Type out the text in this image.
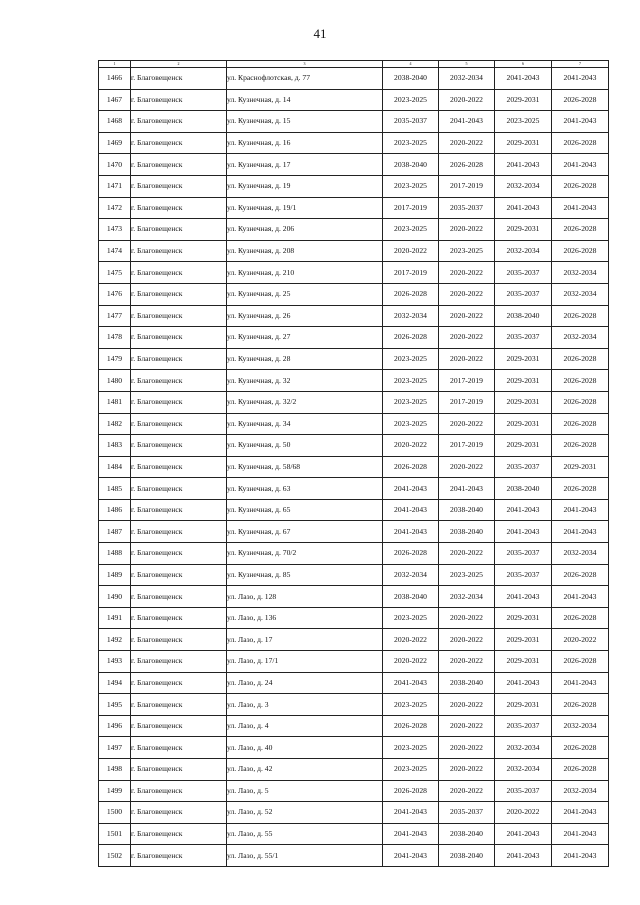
41
1	2	3	4	5	6	7
1466	г. Благовещенск	ул. Краснофлотская, д. 77	2038-2040	2032-2034	2041-2043	2041-2043
1467	г. Благовещенск	ул. Кузнечная, д. 14	2023-2025	2020-2022	2029-2031	2026-2028
1468	г. Благовещенск	ул. Кузнечная, д. 15	2035-2037	2041-2043	2023-2025	2041-2043
1469	г. Благовещенск	ул. Кузнечная, д. 16	2023-2025	2020-2022	2029-2031	2026-2028
1470	г. Благовещенск	ул. Кузнечная, д. 17	2038-2040	2026-2028	2041-2043	2041-2043
1471	г. Благовещенск	ул. Кузнечная, д. 19	2023-2025	2017-2019	2032-2034	2026-2028
1472	г. Благовещенск	ул. Кузнечная, д. 19/1	2017-2019	2035-2037	2041-2043	2041-2043
1473	г. Благовещенск	ул. Кузнечная, д. 206	2023-2025	2020-2022	2029-2031	2026-2028
1474	г. Благовещенск	ул. Кузнечная, д. 208	2020-2022	2023-2025	2032-2034	2026-2028
1475	г. Благовещенск	ул. Кузнечная, д. 210	2017-2019	2020-2022	2035-2037	2032-2034
1476	г. Благовещенск	ул. Кузнечная, д. 25	2026-2028	2020-2022	2035-2037	2032-2034
1477	г. Благовещенск	ул. Кузнечная, д. 26	2032-2034	2020-2022	2038-2040	2026-2028
1478	г. Благовещенск	ул. Кузнечная, д. 27	2026-2028	2020-2022	2035-2037	2032-2034
1479	г. Благовещенск	ул. Кузнечная, д. 28	2023-2025	2020-2022	2029-2031	2026-2028
1480	г. Благовещенск	ул. Кузнечная, д. 32	2023-2025	2017-2019	2029-2031	2026-2028
1481	г. Благовещенск	ул. Кузнечная, д. 32/2	2023-2025	2017-2019	2029-2031	2026-2028
1482	г. Благовещенск	ул. Кузнечная, д. 34	2023-2025	2020-2022	2029-2031	2026-2028
1483	г. Благовещенск	ул. Кузнечная, д. 50	2020-2022	2017-2019	2029-2031	2026-2028
1484	г. Благовещенск	ул. Кузнечная, д. 58/68	2026-2028	2020-2022	2035-2037	2029-2031
1485	г. Благовещенск	ул. Кузнечная, д. 63	2041-2043	2041-2043	2038-2040	2026-2028
1486	г. Благовещенск	ул. Кузнечная, д. 65	2041-2043	2038-2040	2041-2043	2041-2043
1487	г. Благовещенск	ул. Кузнечная, д. 67	2041-2043	2038-2040	2041-2043	2041-2043
1488	г. Благовещенск	ул. Кузнечная, д. 70/2	2026-2028	2020-2022	2035-2037	2032-2034
1489	г. Благовещенск	ул. Кузнечная, д. 85	2032-2034	2023-2025	2035-2037	2026-2028
1490	г. Благовещенск	ул. Лазо, д. 128	2038-2040	2032-2034	2041-2043	2041-2043
1491	г. Благовещенск	ул. Лазо, д. 136	2023-2025	2020-2022	2029-2031	2026-2028
1492	г. Благовещенск	ул. Лазо, д. 17	2020-2022	2020-2022	2029-2031	2020-2022
1493	г. Благовещенск	ул. Лазо, д. 17/1	2020-2022	2020-2022	2029-2031	2026-2028
1494	г. Благовещенск	ул. Лазо, д. 24	2041-2043	2038-2040	2041-2043	2041-2043
1495	г. Благовещенск	ул. Лазо, д. 3	2023-2025	2020-2022	2029-2031	2026-2028
1496	г. Благовещенск	ул. Лазо, д. 4	2026-2028	2020-2022	2035-2037	2032-2034
1497	г. Благовещенск	ул. Лазо, д. 40	2023-2025	2020-2022	2032-2034	2026-2028
1498	г. Благовещенск	ул. Лазо, д. 42	2023-2025	2020-2022	2032-2034	2026-2028
1499	г. Благовещенск	ул. Лазо, д. 5	2026-2028	2020-2022	2035-2037	2032-2034
1500	г. Благовещенск	ул. Лазо, д. 52	2041-2043	2035-2037	2020-2022	2041-2043
1501	г. Благовещенск	ул. Лазо, д. 55	2041-2043	2038-2040	2041-2043	2041-2043
1502	г. Благовещенск	ул. Лазо, д. 55/1	2041-2043	2038-2040	2041-2043	2041-2043
